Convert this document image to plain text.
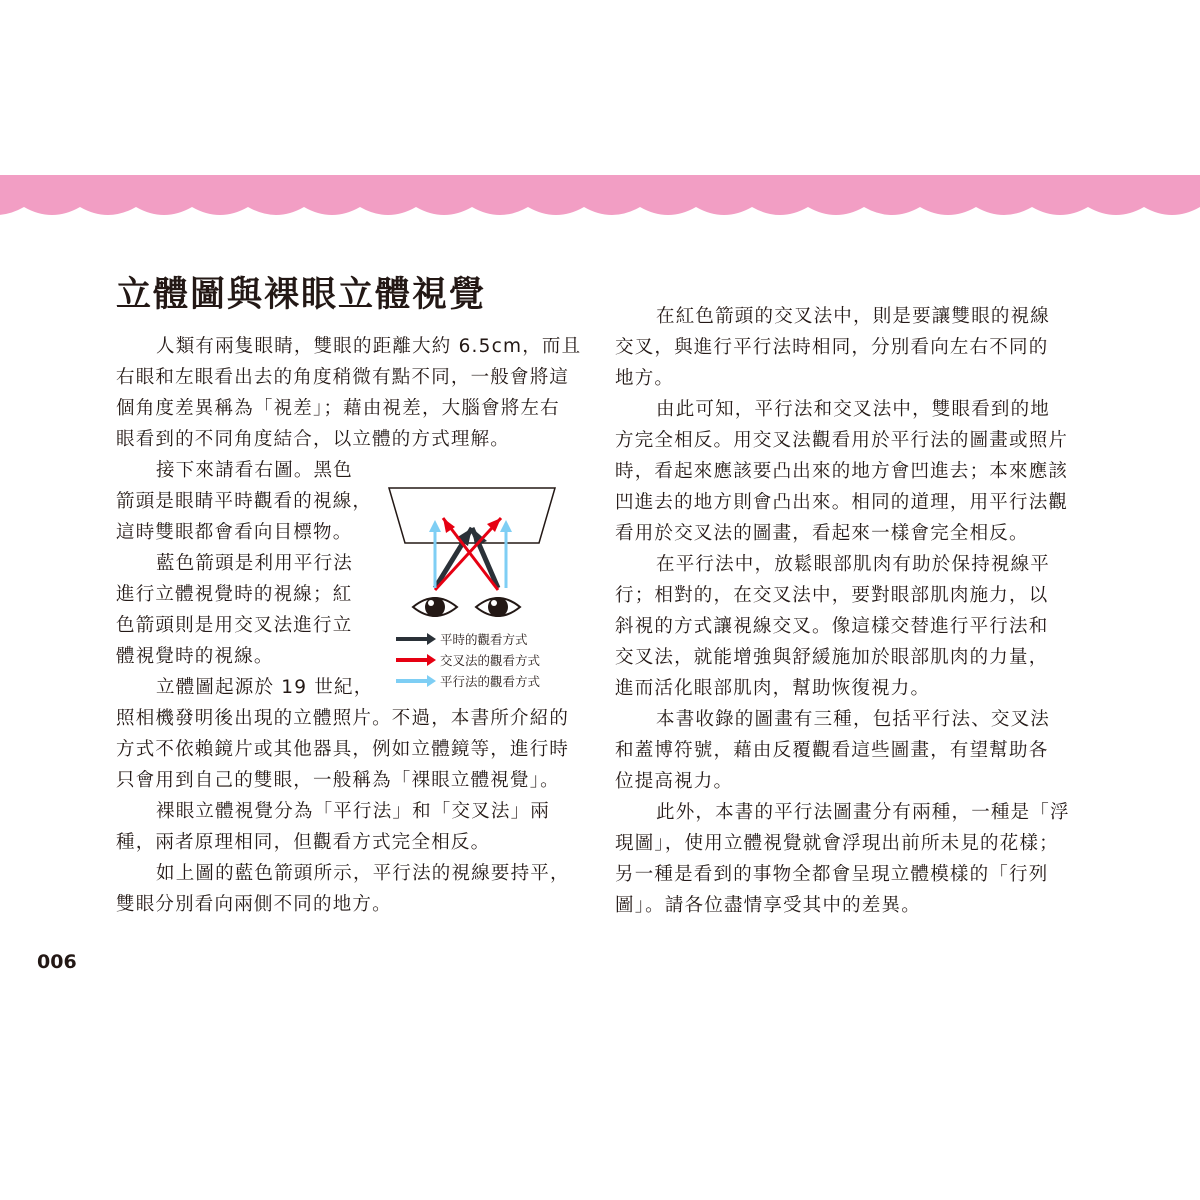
立體圖與裸眼立體視覺
人類有兩隻眼睛，雙眼的距離大約 6.5cm，而且
右眼和左眼看出去的角度稍微有點不同，一般會將這
個角度差異稱為「視差」；藉由視差，大腦會將左右
眼看到的不同角度結合，以立體的方式理解。
接下來請看右圖。黑色
箭頭是眼睛平時觀看的視線，
這時雙眼都會看向目標物。
藍色箭頭是利用平行法
進行立體視覺時的視線；紅
色箭頭則是用交叉法進行立
體視覺時的視線。
立體圖起源於 19 世紀，
照相機發明後出現的立體照片。不過，本書所介紹的
方式不依賴鏡片或其他器具，例如立體鏡等，進行時
只會用到自己的雙眼，一般稱為「裸眼立體視覺」。
裸眼立體視覺分為「平行法」和「交叉法」兩
種，兩者原理相同，但觀看方式完全相反。
如上圖的藍色箭頭所示，平行法的視線要持平，
雙眼分別看向兩側不同的地方。
在紅色箭頭的交叉法中，則是要讓雙眼的視線
交叉，與進行平行法時相同，分別看向左右不同的
地方。
由此可知，平行法和交叉法中，雙眼看到的地
方完全相反。用交叉法觀看用於平行法的圖畫或照片
時，看起來應該要凸出來的地方會凹進去；本來應該
凹進去的地方則會凸出來。相同的道理，用平行法觀
看用於交叉法的圖畫，看起來一樣會完全相反。
在平行法中，放鬆眼部肌肉有助於保持視線平
行；相對的，在交叉法中，要對眼部肌肉施力，以
斜視的方式讓視線交叉。像這樣交替進行平行法和
交叉法，就能增強與舒緩施加於眼部肌肉的力量，
進而活化眼部肌肉，幫助恢復視力。
本書收錄的圖畫有三種，包括平行法、交叉法
和蓋博符號，藉由反覆觀看這些圖畫，有望幫助各
位提高視力。
此外，本書的平行法圖畫分有兩種，一種是「浮
現圖」，使用立體視覺就會浮現出前所未見的花樣；
另一種是看到的事物全都會呈現立體模樣的「行列
圖」。請各位盡情享受其中的差異。
平時的觀看方式
交叉法的觀看方式
平行法的觀看方式
006
